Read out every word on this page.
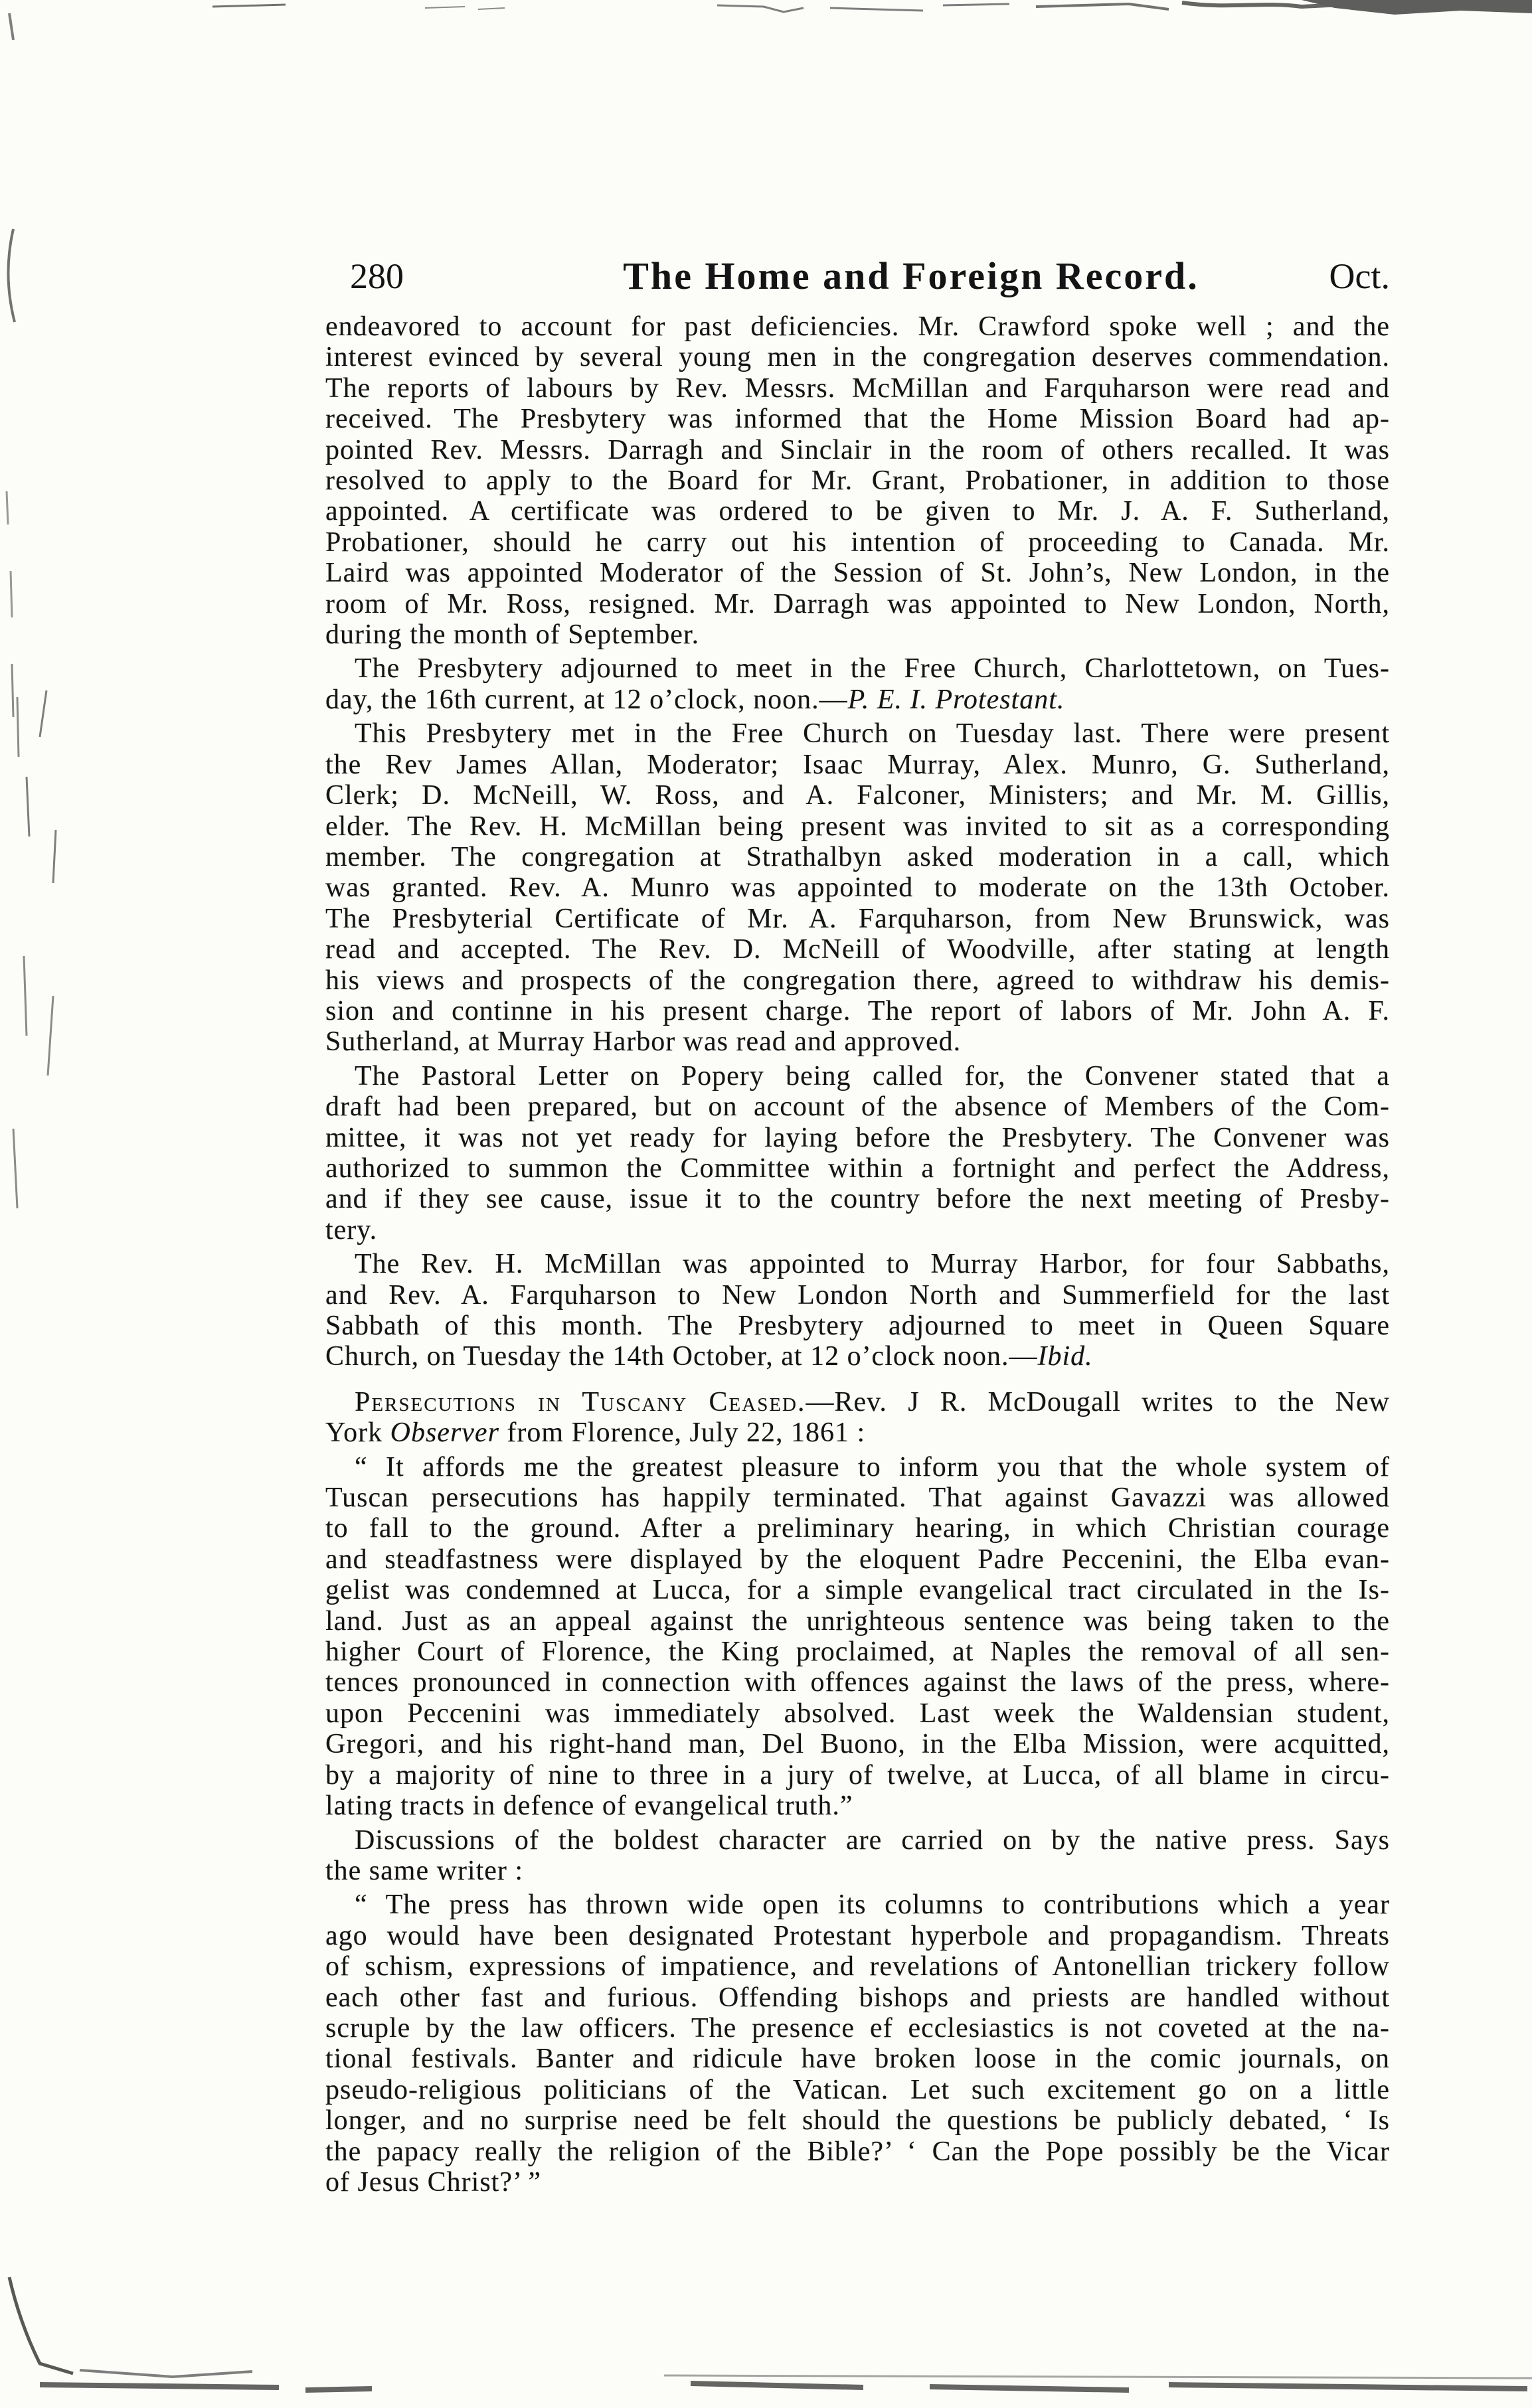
280	The Home and Foreign Record.	Oct.
endeavored to account for past deficiencies. Mr. Crawford spoke well ; and the
interest evinced by several young men in the congregation deserves commendation.
The reports of labours by Rev. Messrs. McMillan and Farquharson were read and
received. The Presbytery was informed that the Home Mission Board had ap-
pointed Rev. Messrs. Darragh and Sinclair in the room of others recalled. It was
resolved to apply to the Board for Mr. Grant, Probationer, in addition to those
appointed. A certificate was ordered to be given to Mr. J. A. F. Sutherland,
Probationer, should he carry out his intention of proceeding to Canada. Mr.
Laird was appointed Moderator of the Session of St. John’s, New London, in the
room of Mr. Ross, resigned. Mr. Darragh was appointed to New London, North,
during the month of September.
The Presbytery adjourned to meet in the Free Church, Charlottetown, on Tues-
day, the 16th current, at 12 o’clock, noon.—P. E. I. Protestant.
This Presbytery met in the Free Church on Tuesday last. There were present
the Rev James Allan, Moderator; Isaac Murray, Alex. Munro, G. Sutherland,
Clerk; D. McNeill, W. Ross, and A. Falconer, Ministers; and Mr. M. Gillis,
elder. The Rev. H. McMillan being present was invited to sit as a corresponding
member. The congregation at Strathalbyn asked moderation in a call, which
was granted. Rev. A. Munro was appointed to moderate on the 13th October.
The Presbyterial Certificate of Mr. A. Farquharson, from New Brunswick, was
read and accepted. The Rev. D. McNeill of Woodville, after stating at length
his views and prospects of the congregation there, agreed to withdraw his demis-
sion and continne in his present charge. The report of labors of Mr. John A. F.
Sutherland, at Murray Harbor was read and approved.
The Pastoral Letter on Popery being called for, the Convener stated that a
draft had been prepared, but on account of the absence of Members of the Com-
mittee, it was not yet ready for laying before the Presbytery. The Convener was
authorized to summon the Committee within a fortnight and perfect the Address,
and if they see cause, issue it to the country before the next meeting of Presby-
tery.
The Rev. H. McMillan was appointed to Murray Harbor, for four Sabbaths,
and Rev. A. Farquharson to New London North and Summerfield for the last
Sabbath of this month. The Presbytery adjourned to meet in Queen Square
Church, on Tuesday the 14th October, at 12 o’clock noon.—Ibid.
Persecutions in Tuscany Ceased.—Rev. J R. McDougall writes to the New
York Observer from Florence, July 22, 1861 :
“ It affords me the greatest pleasure to inform you that the whole system of
Tuscan persecutions has happily terminated. That against Gavazzi was allowed
to fall to the ground. After a preliminary hearing, in which Christian courage
and steadfastness were displayed by the eloquent Padre Peccenini, the Elba evan-
gelist was condemned at Lucca, for a simple evangelical tract circulated in the Is-
land. Just as an appeal against the unrighteous sentence was being taken to the
higher Court of Florence, the King proclaimed, at Naples the removal of all sen-
tences pronounced in connection with offences against the laws of the press, where-
upon Peccenini was immediately absolved. Last week the Waldensian student,
Gregori, and his right-hand man, Del Buono, in the Elba Mission, were acquitted,
by a majority of nine to three in a jury of twelve, at Lucca, of all blame in circu-
lating tracts in defence of evangelical truth.”
Discussions of the boldest character are carried on by the native press. Says
the same writer :
“ The press has thrown wide open its columns to contributions which a year
ago would have been designated Protestant hyperbole and propagandism. Threats
of schism, expressions of impatience, and revelations of Antonellian trickery follow
each other fast and furious. Offending bishops and priests are handled without
scruple by the law officers. The presence ef ecclesiastics is not coveted at the na-
tional festivals. Banter and ridicule have broken loose in the comic journals, on
pseudo-religious politicians of the Vatican. Let such excitement go on a little
longer, and no surprise need be felt should the questions be publicly debated, ‘ Is
the papacy really the religion of the Bible?’ ‘ Can the Pope possibly be the Vicar
of Jesus Christ?’ ”
